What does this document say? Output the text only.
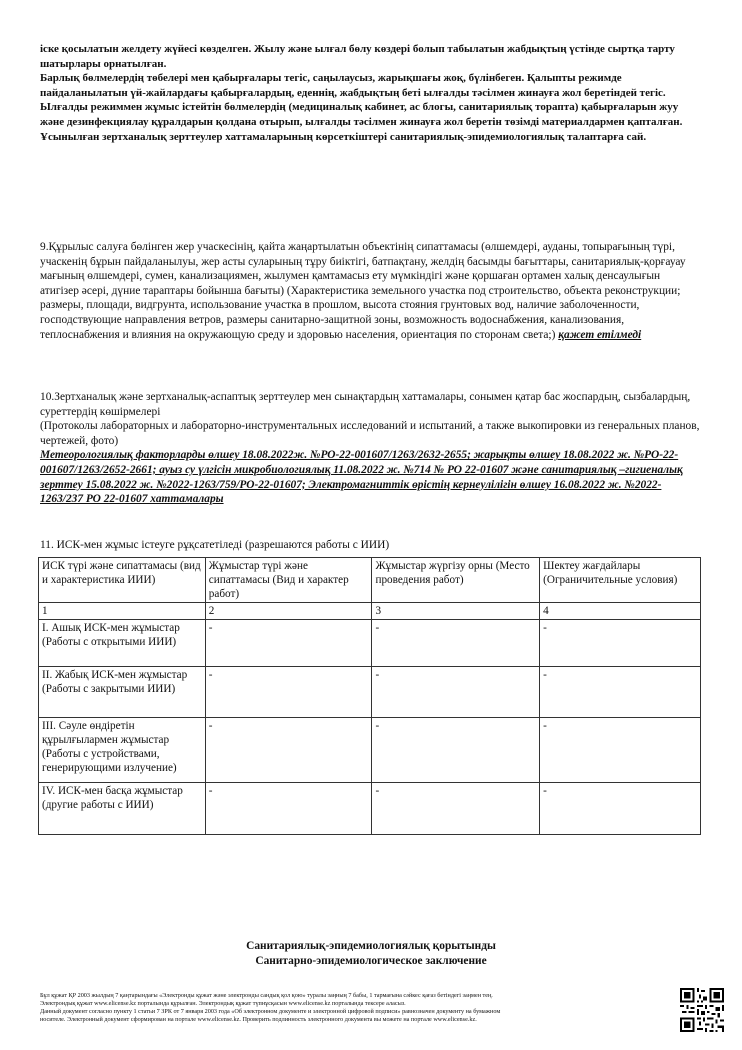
іске қосылатын желдету жүйесі көзделген. Жылу және ылғал бөлу көздері болып табылатын жабдықтың үстінде сыртқа тарту шатырлары орнатылған.

Барлық бөлмелердің төбелері мен қабырғалары тегіс, саңылаусыз, жарықшағы жоқ, бүлінбеген. Қалыпты режимде пайдаланылатын үй-жайлардағы қабырғалардың, еденнің, жабдықтың беті ылғалды тәсілмен жинауға жол беретіндей тегіс. Ылғалды режиммен жұмыс істейтін бөлмелердің (медициналық кабинет, ас блогы, санитариялық торапта) қабырғаларын жуу және дезинфекциялау құралдарын қолдана отырып, ылғалды тәсілмен жинауға жол беретін төзімді материалдармен қапталған.

Ұсынылған зертханалық зерттеулер хаттамаларының көрсеткіштері санитариялық-эпидемиологиялық талаптарға сай.

9.Құрылыс салуға бөлінген жер учаскесінің, қайта жаңартылатын объектінің сипаттамасы (өлшемдері, ауданы, топырағының түрі, учаскенің бұрын пайдаланылуы, жер асты суларының тұру биіктігі, батпақтану, желдің басымды бағыттары, санитариялық-қорғауау мағының өлшемдері, сумен, канализациямен, жылумен қамтамасыз ету мүмкіндігі және қоршаған ортамен халық денсаулығын атигізер әсері, дүние тараптары бойынша бағыты) (Характеристика земельного участка под строительство, объекта реконструкции; размеры, площади, видгрунта, использование участка в прошлом, высота стояния грунтовых вод, наличие заболоченности, господствующие направления ветров, размеры санитарно-защитной зоны, возможность водоснабжения, канализования, теплоснабжения и влияния на окружающую среду и здоровью населения, ориентация по сторонам света;) қажет етілмеді

10.Зертханалық және зертханалық-аспаптық зерттеулер мен сынақтардың хаттамалары, сонымен қатар бас жоспардың, сызбалардың, суреттердің көшірмелері

(Протоколы лабораторных и лабораторно-инструментальных исследований и испытаний, а также выкопировки из генеральных планов, чертежей, фото)

Метеорологиялық факторларды өлшеу 18.08.2022ж. №РО-22-001607/1263/2632-2655; жарықты өлшеу 18.08.2022 ж. №РО-22-001607/1263/2652-2661; ауыз су үлгісін микробиологиялық 11.08.2022 ж. №714 № РО 22-01607 және санитариялық –гигиеналық зерттеу 15.08.2022 ж. №2022-1263/759/РО-22-01607; Электромагниттік өрістің кернеулілігін өлшеу 16.08.2022 ж. №2022-1263/237 РО 22-01607 хаттамалары

11. ИСК-мен жұмыс істеуге рұқсатетіледі (разрешаются работы с ИИИ)
ИСК түрі және сипаттамасы (вид и характеристика ИИИ)	Жұмыстар түрі және сипаттамасы (Вид и характер работ)	Жұмыстар жүргізу орны (Место проведения работ)	Шектеу жағдайлары (Ограничительные условия)
1	2	3	4
I. Ашық ИСК-мен жұмыстар (Работы с открытыми ИИИ)	-	-	-
II. Жабық ИСК-мен жұмыстар (Работы с закрытыми ИИИ)	-	-	-
III. Сәуле өндіретін құрылғылармен жұмыстар (Работы с устройствами, генерирующими излучение)	-	-	-
IV. ИСК-мен басқа жұмыстар (другие работы с ИИИ)	-	-	-
Санитариялық-эпидемиологиялық қорытынды
Санитарно-эпидемиологическое заключение

Бұл құжат ҚР 2003 жылдың 7 қаңтарындағы «Электронды құжат және электронды сандық қол қою» туралы заңның 7 бабы, 1 тармағына сәйкес қағаз бетіндегі заңмен тең.

Электрондық құжат www.elicense.kz порталында құрылған. Электрондық құжат түпнұсқасын www.elicense.kz порталында тексере аласыз.

Данный документ согласно пункту 1 статьи 7 ЗРК от 7 января 2003 года «Об электронном документе и электронной цифровой подписи» равнозначен документу на бумажном

носителе. Электронный документ сформирован на портале www.elicense.kz. Проверить подлинность электронного документа вы можете на портале www.elicense.kz.
